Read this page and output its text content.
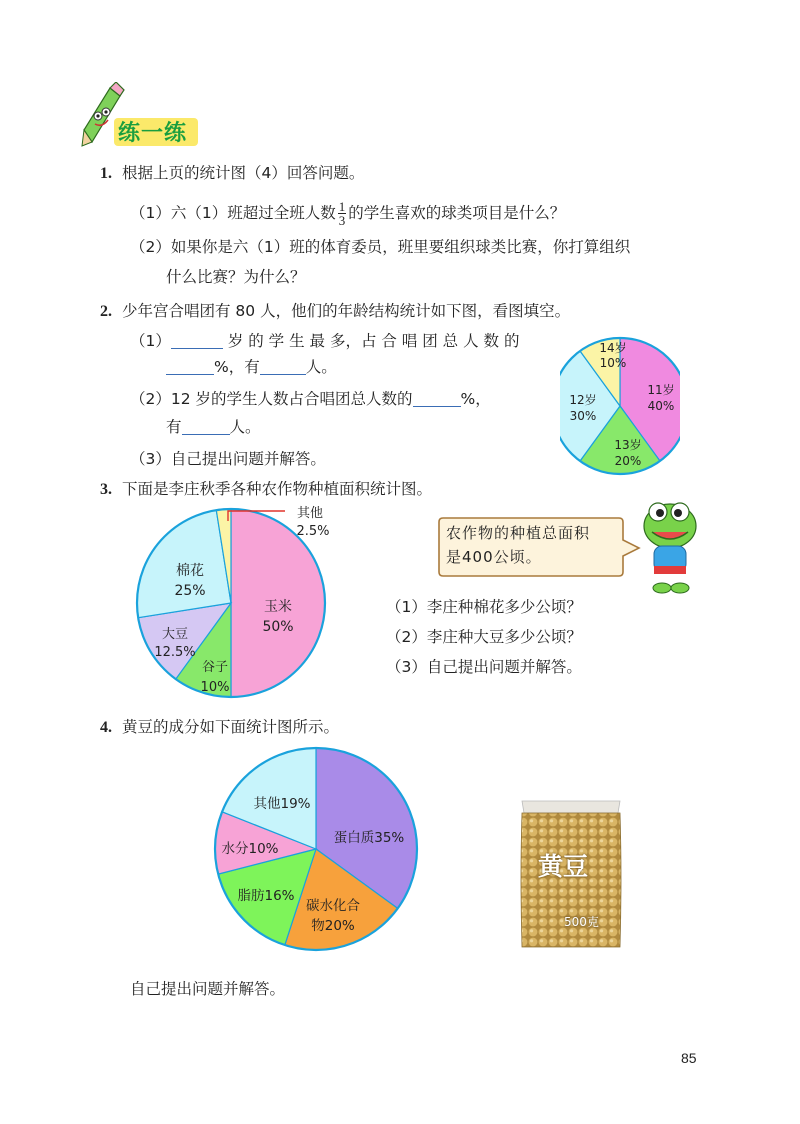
练一练
1. 根据上页的统计图（4）回答问题。
（1）六（1）班超过全班人数 $\frac{1}{3}$ 的学生喜欢的球类项目是什么？
（2）如果你是六（1）班的体育委员，班里要组织球类比赛，你打算组织
什么比赛？为什么？
2. 少年宫合唱团有 80 人，他们的年龄结构统计如下图，看图填空。
（1）	岁 的 学 生 最 多，占 合 唱 团 总 人 数 的
%，有	人。
（2）12 岁的学生人数占合唱团总人数的	%，
有	人。
（3）自己提出问题并解答。
11岁
40%
13岁
20%
12岁
30%
14岁
10%
3. 下面是李庄秋季各种农作物种植面积统计图。
玉米
50%
谷子
10%
大豆
12.5%
棉花
25%
其他
2.5%	农作物的种植总面积
是400公顷。
（1）李庄种棉花多少公顷？
（2）李庄种大豆多少公顷？
（3）自己提出问题并解答。
4. 黄豆的成分如下面统计图所示。
蛋白质35%
碳水化合
物20%
脂肪16%
水分10%
其他19%
黄豆
500克
自己提出问题并解答。
85
